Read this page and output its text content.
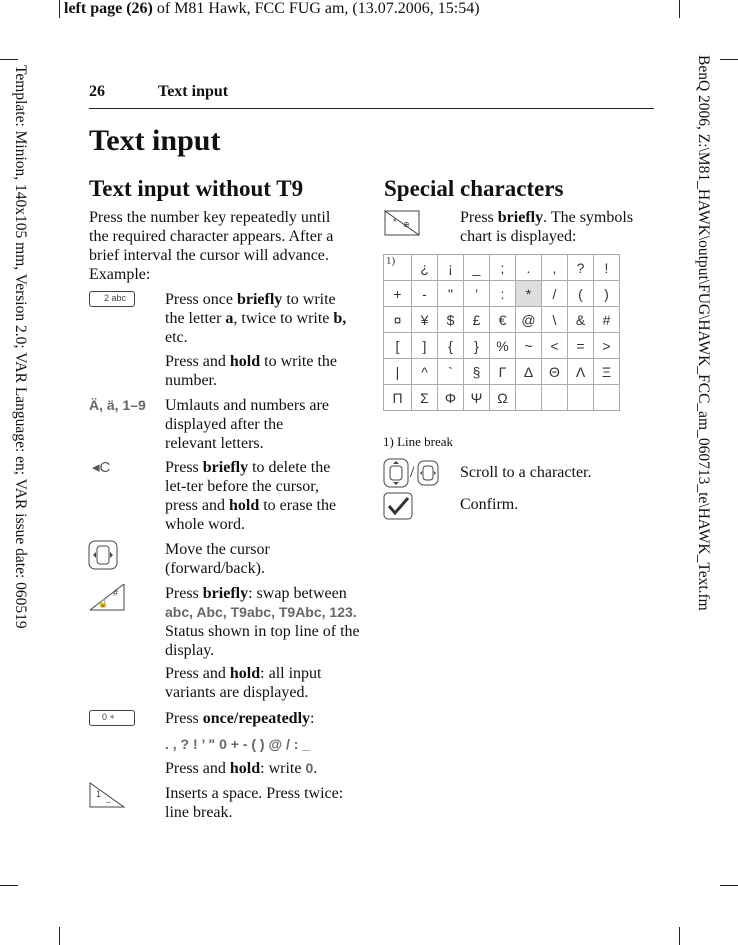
left page (26) of M81 Hawk, FCC FUG am, (13.07.2006, 15:54)
Template: Minion, 140x105 mm, Version 2.0; VAR Language: en; VAR issue date: 060519	BenQ 2006, Z:\M81_HAWK\output\FUG\HAWK_FCC_am_060713_te\HAWK_Text.fm
26	Text input
Text input
Text input without T9
Press the number key repeatedly until the required character appears. After a brief interval the cursor will advance. Example:
2 abc	Press once briefly to write the letter a, twice to write b, etc.
Press and hold to write the number.
Ä, ä, 1–9 Umlauts and numbers are displayed after the relevant letters.
◂C	Press briefly to delete the let-ter before the cursor, press and hold to erase the whole word.
Move the cursor (forward/back).
🔒
#	Press briefly: swap between abc, Abc, T9abc, T9Abc, 123. Status shown in top line of the display.
Press and hold: all input variants are displayed.
0 +	Press once/repeatedly:
. , ? ! ’ " 0 + - ( ) @ / : _
Press and hold: write 0.
1
⌴	Inserts a space. Press twice: line break.
Special characters
* ⊕	Press briefly. The symbols chart is displayed:
1)	¿	¡	_	;	.	,	?	!
+	-	"	’	:	*	/	(	)
¤	¥	$	£	€	@	\	&	#
[	]	{	}	%	~	<	=	>
|	^	`	§	Γ	Δ	Θ	Λ	Ξ
Π	Σ	Φ	Ψ	Ω				
1) Line break
/	Scroll to a character.
Confirm.
